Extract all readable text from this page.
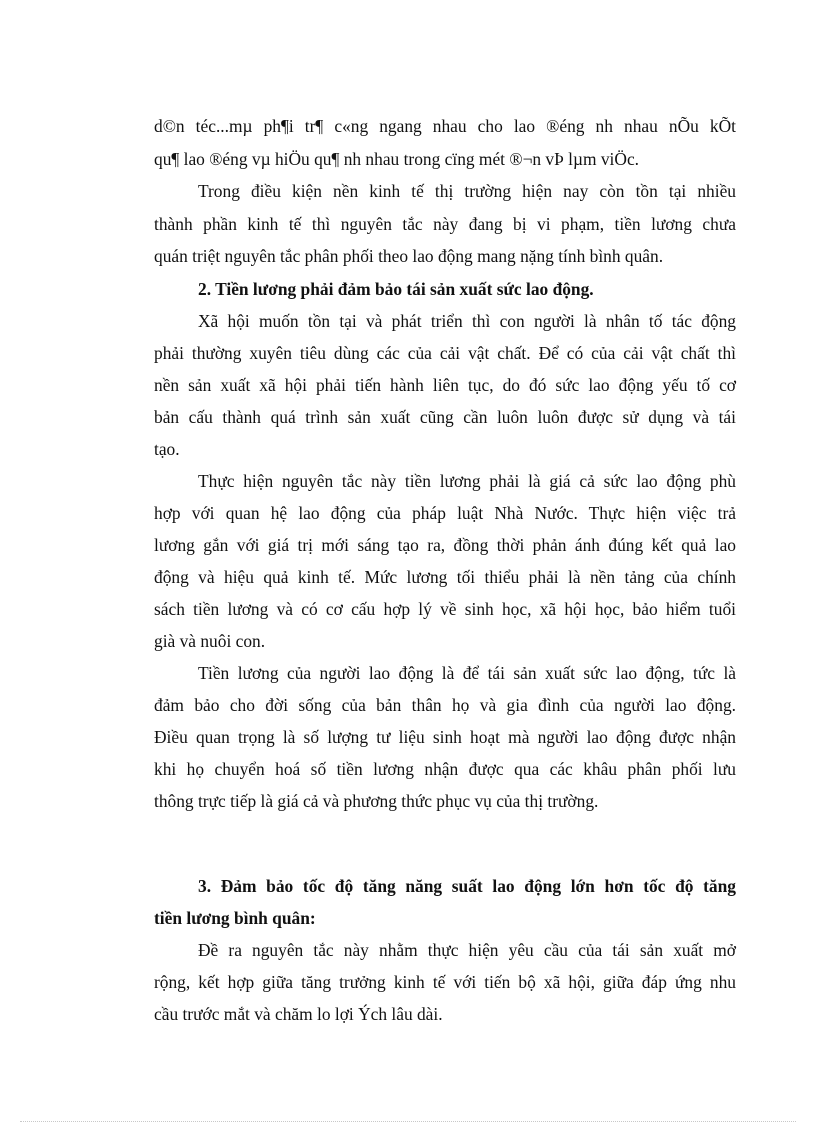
d©n téc...mµ ph¶i tr¶ c«ng ngang nhau cho lao ®éng nh nhau nÕu kÕt
qu¶ lao ®éng vµ hiÖu qu¶ nh nhau trong cïng mét ®¬n vÞ lµm viÖc.
Trong điều kiện nền kinh tế thị trường hiện nay còn tồn tại nhiều
thành phần kinh tế thì nguyên tắc này đang bị vi phạm, tiền lương chưa
quán triệt nguyên tắc phân phối theo lao động mang nặng tính bình quân.
2. Tiền lương phải đảm bảo tái sản xuất sức lao động.
Xã hội muốn tồn tại và phát triển thì con người là nhân tố tác động
phải thường xuyên tiêu dùng các của cải vật chất. Để có của cải vật chất thì
nền sản xuất xã hội phải tiến hành liên tục, do đó sức lao động yếu tố cơ
bản cấu thành quá trình sản xuất cũng cần luôn luôn được sử dụng và tái
tạo.
Thực hiện nguyên tắc này tiền lương phải là giá cả sức lao động phù
hợp với quan hệ lao động của pháp luật Nhà Nước. Thực hiện việc trả
lương gắn với giá trị mới sáng tạo ra, đồng thời phản ánh đúng kết quả lao
động và hiệu quả kinh tế. Mức lương tối thiểu phải là nền tảng của chính
sách tiền lương và có cơ cấu hợp lý về sinh học, xã hội học, bảo hiểm tuổi
già và nuôi con.
Tiền lương của người lao động là để tái sản xuất sức lao động, tức là
đảm bảo cho đời sống của bản thân họ và gia đình của người lao động.
Điều quan trọng là số lượng tư liệu sinh hoạt mà người lao động được nhận
khi họ chuyển hoá số tiền lương nhận được qua các khâu phân phối lưu
thông trực tiếp là giá cả và phương thức phục vụ của thị trường.
3. Đảm bảo tốc độ tăng năng suất lao động lớn hơn tốc độ tăng
tiền lương bình quân:
Đề ra nguyên tắc này nhằm thực hiện yêu cầu của tái sản xuất mở
rộng, kết hợp giữa tăng trưởng kinh tế với tiến bộ xã hội, giữa đáp ứng nhu
cầu trước mắt và chăm lo lợi Ých lâu dài.
